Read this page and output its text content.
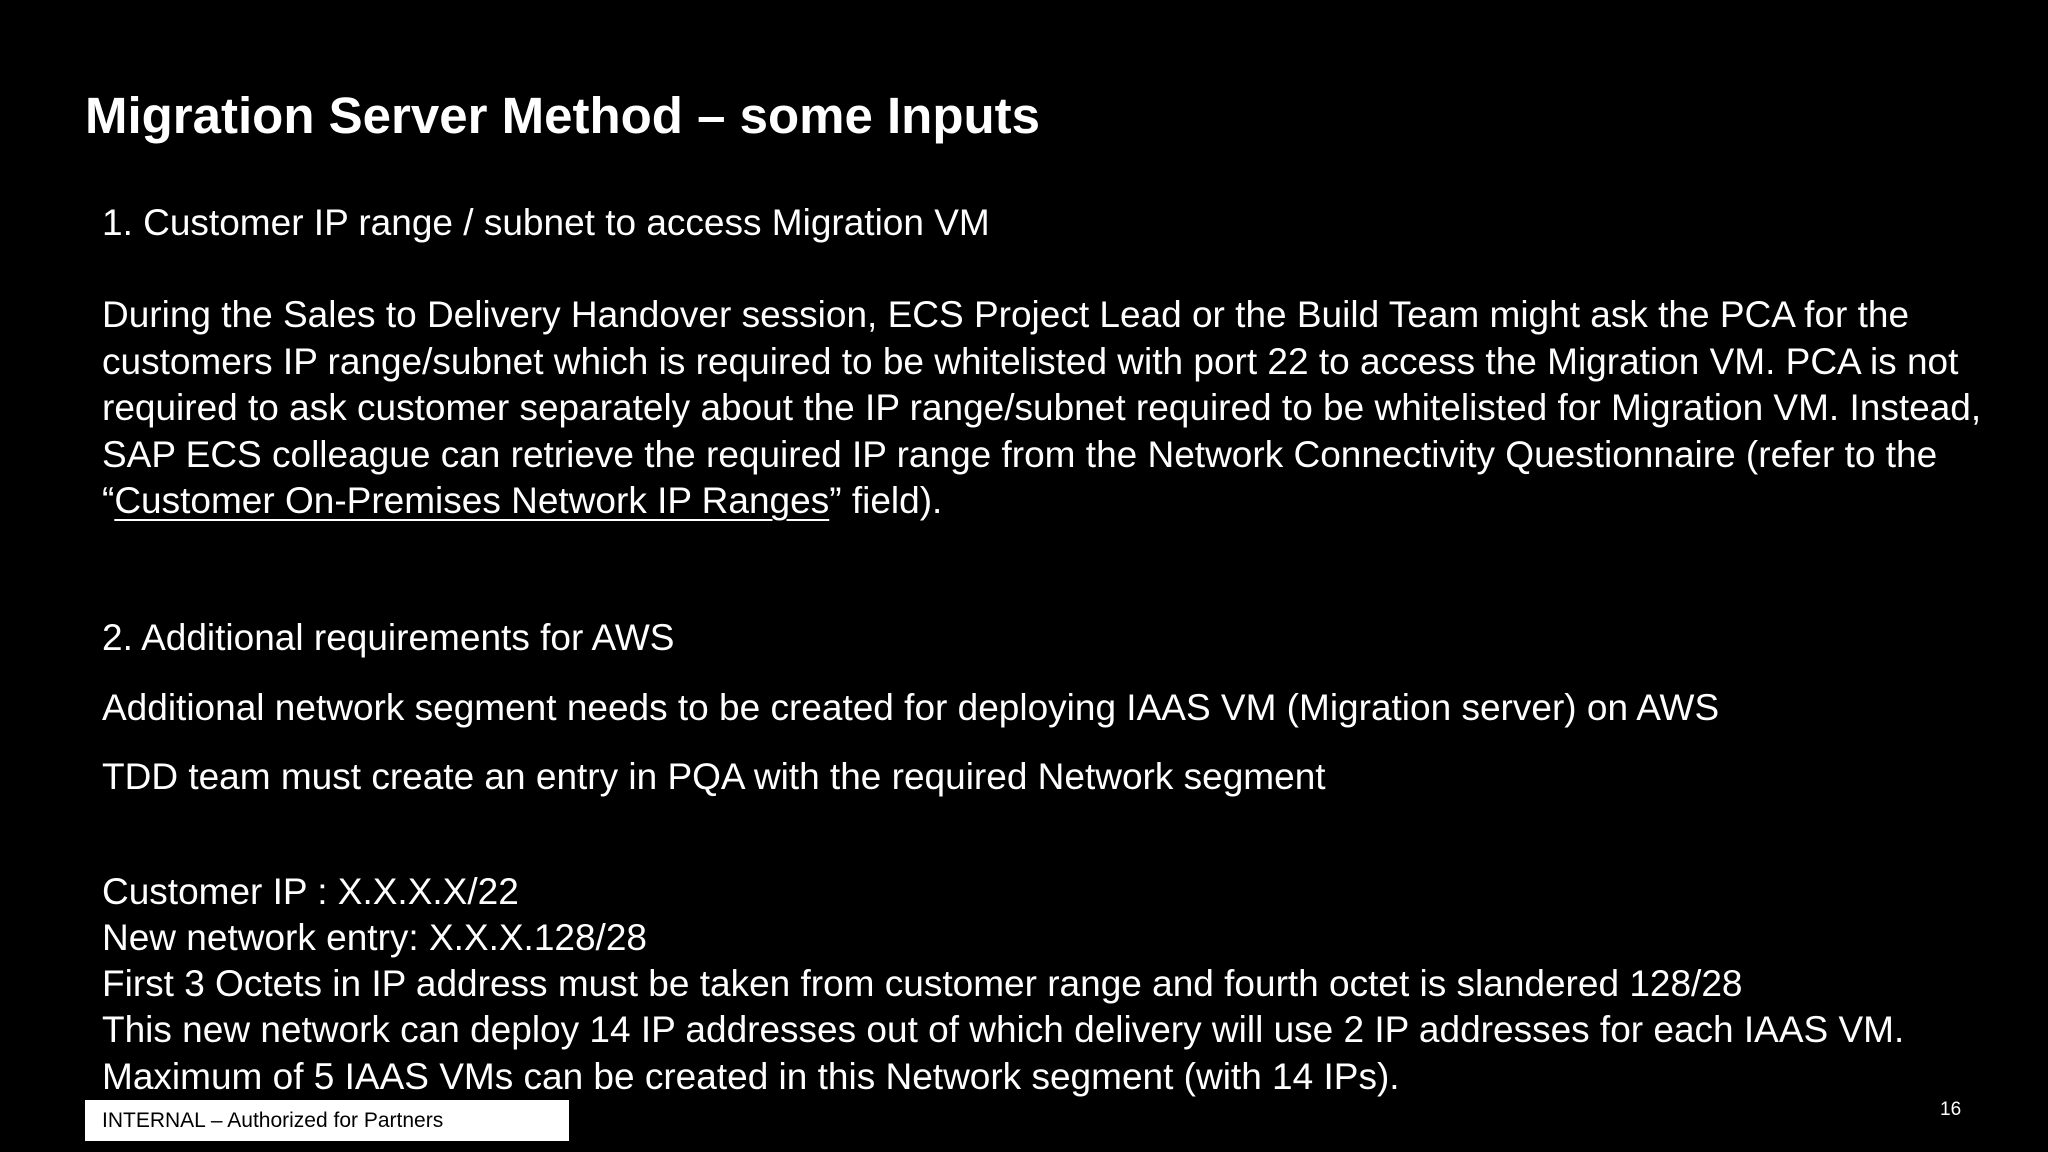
Migration Server Method – some Inputs

1. Customer IP range / subnet to access Migration VM

During the Sales to Delivery Handover session, ECS Project Lead or the Build Team might ask the PCA for the customers IP range/subnet which is required to be whitelisted with port 22 to access the Migration VM. PCA is not required to ask customer separately about the IP range/subnet required to be whitelisted for Migration VM. Instead, SAP ECS colleague can retrieve the required IP range from the Network Connectivity Questionnaire (refer to the “Customer On-Premises Network IP Ranges” field).

2. Additional requirements for AWS

Additional network segment needs to be created for deploying IAAS VM (Migration server) on AWS

TDD team must create an entry in PQA with the required Network segment

Customer IP : X.X.X.X/22

New network entry: X.X.X.128/28

First 3 Octets in IP address must be taken from customer range and fourth octet is slandered 128/28

This new network can deploy 14 IP addresses out of which delivery will use 2 IP addresses for each IAAS VM.

Maximum of 5 IAAS VMs can be created in this Network segment (with 14 IPs).

INTERNAL – Authorized for Partners	16
